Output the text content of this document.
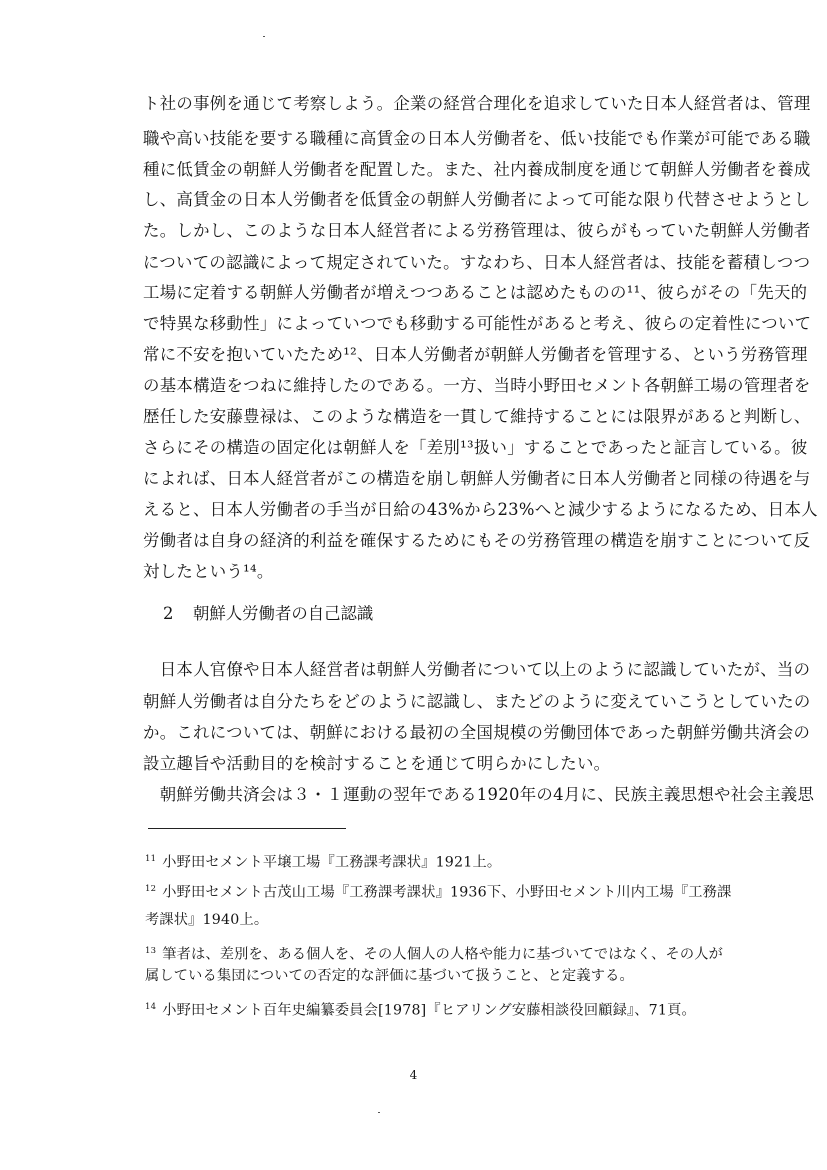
ト社の事例を通じて考察しよう。企業の経営合理化を追求していた日本人経営者は、管理
職や高い技能を要する職種に高賃金の日本人労働者を、低い技能でも作業が可能である職
種に低賃金の朝鮮人労働者を配置した。また、社内養成制度を通じて朝鮮人労働者を養成
し、高賃金の日本人労働者を低賃金の朝鮮人労働者によって可能な限り代替させようとし
た。しかし、このような日本人経営者による労務管理は、彼らがもっていた朝鮮人労働者
についての認識によって規定されていた。すなわち、日本人経営者は、技能を蓄積しつつ
工場に定着する朝鮮人労働者が増えつつあることは認めたものの¹¹、彼らがその「先天的
で特異な移動性」によっていつでも移動する可能性があると考え、彼らの定着性について
常に不安を抱いていたため¹²、日本人労働者が朝鮮人労働者を管理する、という労務管理
の基本構造をつねに維持したのである。一方、当時小野田セメント各朝鮮工場の管理者を
歴任した安藤豊禄は、このような構造を一貫して維持することには限界があると判断し、
さらにその構造の固定化は朝鮮人を「差別¹³扱い」することであったと証言している。彼
によれば、日本人経営者がこの構造を崩し朝鮮人労働者に日本人労働者と同様の待遇を与
えると、日本人労働者の手当が日給の43%から23%へと減少するようになるため、日本人
労働者は自身の経済的利益を確保するためにもその労務管理の構造を崩すことについて反
対したという¹⁴。
2 朝鮮人労働者の自己認識
　日本人官僚や日本人経営者は朝鮮人労働者について以上のように認識していたが、当の
朝鮮人労働者は自分たちをどのように認識し、またどのように変えていこうとしていたの
か。これについては、朝鮮における最初の全国規模の労働団体であった朝鮮労働共済会の
設立趣旨や活動目的を検討することを通じて明らかにしたい。
　朝鮮労働共済会は３・１運動の翌年である1920年の4月に、民族主義思想や社会主義思
$^{11}$ 小野田セメント平壌工場『工務課考課状』1921上。
$^{12}$ 小野田セメント古茂山工場『工務課考課状』1936下、小野田セメント川内工場『工務課
考課状』1940上。
$^{13}$ 筆者は、差別を、ある個人を、その人個人の人格や能力に基づいてではなく、その人が
属している集団についての否定的な評価に基づいて扱うこと、と定義する。
$^{14}$ 小野田セメント百年史編纂委員会[1978]『ヒアリング安藤相談役回顧録』、71頁。
4
